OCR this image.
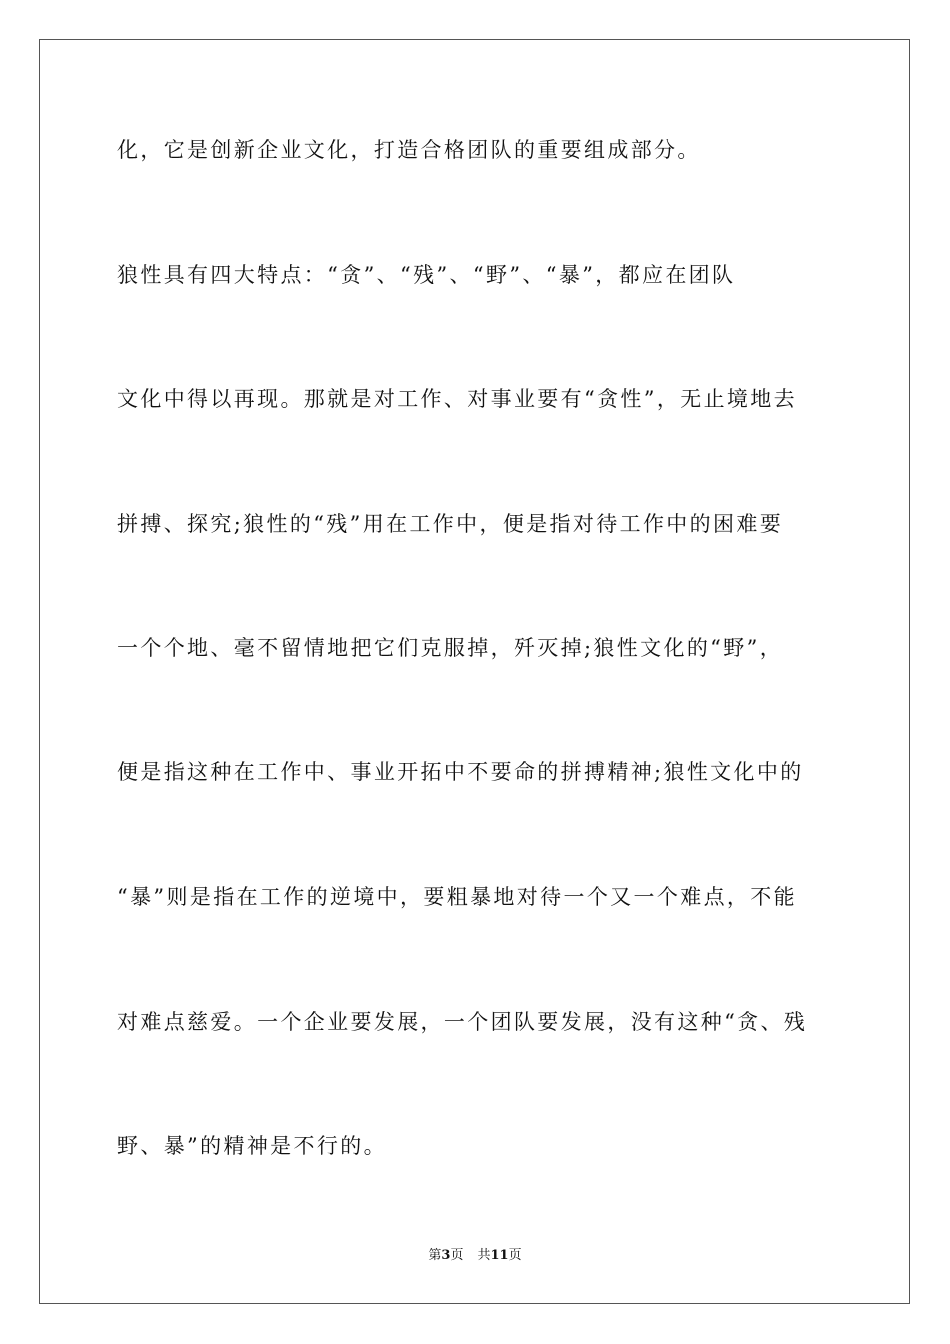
化，它是创新企业文化，打造合格团队的重要组成部分。
狼性具有四大特点：“贪”、“残”、“野”、“暴”，都应在团队
文化中得以再现。那就是对工作、对事业要有“贪性”，无止境地去
拼搏、探究;狼性的“残”用在工作中，便是指对待工作中的困难要
一个个地、毫不留情地把它们克服掉，歼灭掉;狼性文化的“野”，
便是指这种在工作中、事业开拓中不要命的拼搏精神;狼性文化中的
“暴”则是指在工作的逆境中，要粗暴地对待一个又一个难点，不能
对难点慈爱。一个企业要发展，一个团队要发展，没有这种“贪、残
野、暴”的精神是不行的。
第3页 共11页
